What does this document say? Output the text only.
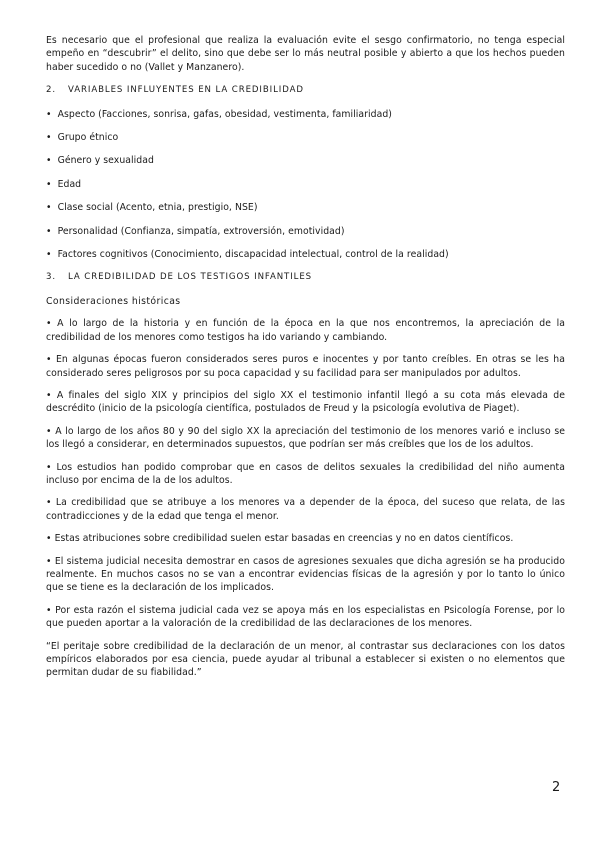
Es necesario que el profesional que realiza la evaluación evite el sesgo confirmatorio, no tenga especial empeño en “descubrir” el delito, sino que debe ser lo más neutral posible y abierto a que los hechos pueden haber sucedido o no (Vallet y Manzanero).

2. VARIABLES INFLUYENTES EN LA CREDIBILIDAD

• Aspecto (Facciones, sonrisa, gafas, obesidad, vestimenta, familiaridad)

• Grupo étnico

• Género y sexualidad

• Edad

• Clase social (Acento, etnia, prestigio, NSE)

• Personalidad (Confianza, simpatía, extroversión, emotividad)

• Factores cognitivos (Conocimiento, discapacidad intelectual, control de la realidad)

3. LA CREDIBILIDAD DE LOS TESTIGOS INFANTILES

Consideraciones históricas

• A lo largo de la historia y en función de la época en la que nos encontremos, la apreciación de la credibilidad de los menores como testigos ha ido variando y cambiando.

• En algunas épocas fueron considerados seres puros e inocentes y por tanto creíbles. En otras se les ha considerado seres peligrosos por su poca capacidad y su facilidad para ser manipulados por adultos.

• A finales del siglo XIX y principios del siglo XX el testimonio infantil llegó a su cota más elevada de descrédito (inicio de la psicología científica, postulados de Freud y la psicología evolutiva de Piaget).

• A lo largo de los años 80 y 90 del siglo XX la apreciación del testimonio de los menores varió e incluso se los llegó a considerar, en determinados supuestos, que podrían ser más creíbles que los de los adultos.

• Los estudios han podido comprobar que en casos de delitos sexuales la credibilidad del niño aumenta incluso por encima de la de los adultos.

• La credibilidad que se atribuye a los menores va a depender de la época, del suceso que relata, de las contradicciones y de la edad que tenga el menor.

• Estas atribuciones sobre credibilidad suelen estar basadas en creencias y no en datos científicos.

• El sistema judicial necesita demostrar en casos de agresiones sexuales que dicha agresión se ha producido realmente. En muchos casos no se van a encontrar evidencias físicas de la agresión y por lo tanto lo único que se tiene es la declaración de los implicados.

• Por esta razón el sistema judicial cada vez se apoya más en los especialistas en Psicología Forense, por lo que pueden aportar a la valoración de la credibilidad de las declaraciones de los menores.

“El peritaje sobre credibilidad de la declaración de un menor, al contrastar sus declaraciones con los datos empíricos elaborados por esa ciencia, puede ayudar al tribunal a establecer si existen o no elementos que permitan dudar de su fiabilidad.”

2
